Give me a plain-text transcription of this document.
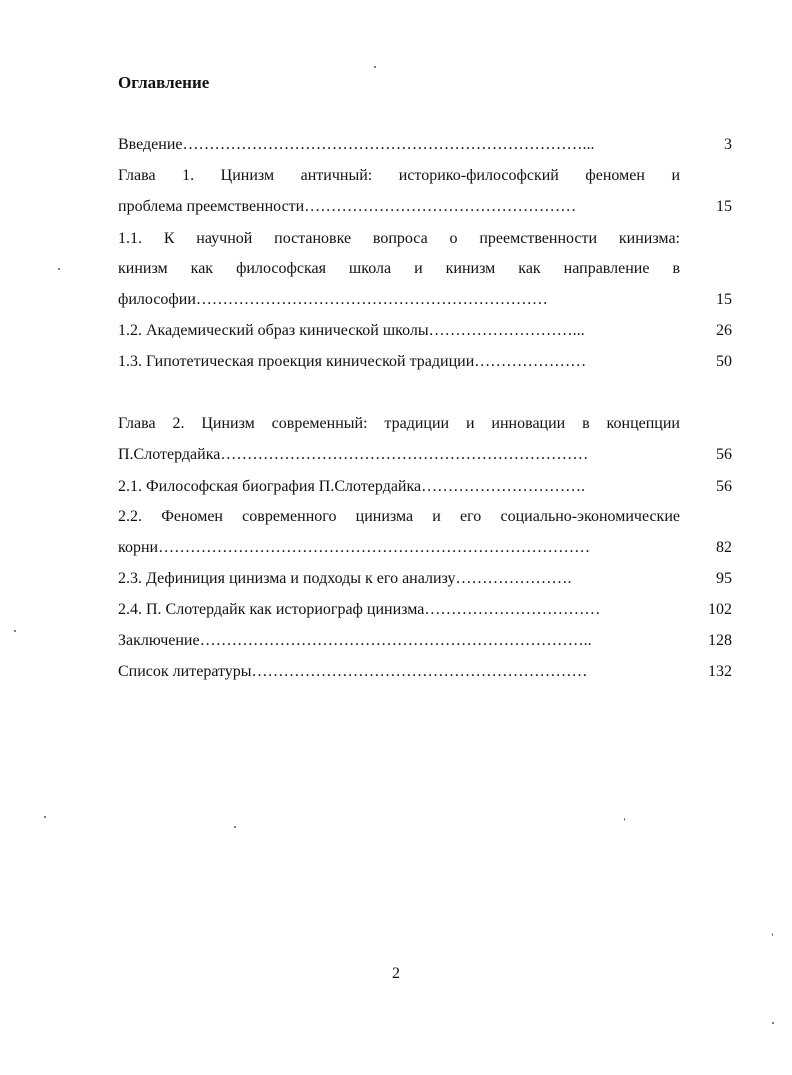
Оглавление
Введение…………………………………………………………………...	3
Глава 1. Цинизм античный: историко-философский феномен и
проблема преемственности……………………………………………	15
1.1. К научной постановке вопроса о преемственности кинизма:
кинизм как философская школа и кинизм как направление в
философии…………………………………………………………	15
1.2. Академический образ кинической школы………………………...	26
1.3. Гипотетическая проекция кинической традиции…………………	50
Глава 2. Цинизм современный: традиции и инновации в концепции
П.Слотердайка……………………………………………………………	56
2.1. Философская биография П.Слотердайка………………………….	56
2.2. Феномен современного цинизма и его социально-экономические
корни………………………………………………………………………	82
2.3. Дефиниция цинизма и подходы к его анализу………………….	95
2.4. П. Слотердайк как историограф цинизма……………………………	102
Заключение………………………………………………………………..	128
Список литературы………………………………………………………	132
2
